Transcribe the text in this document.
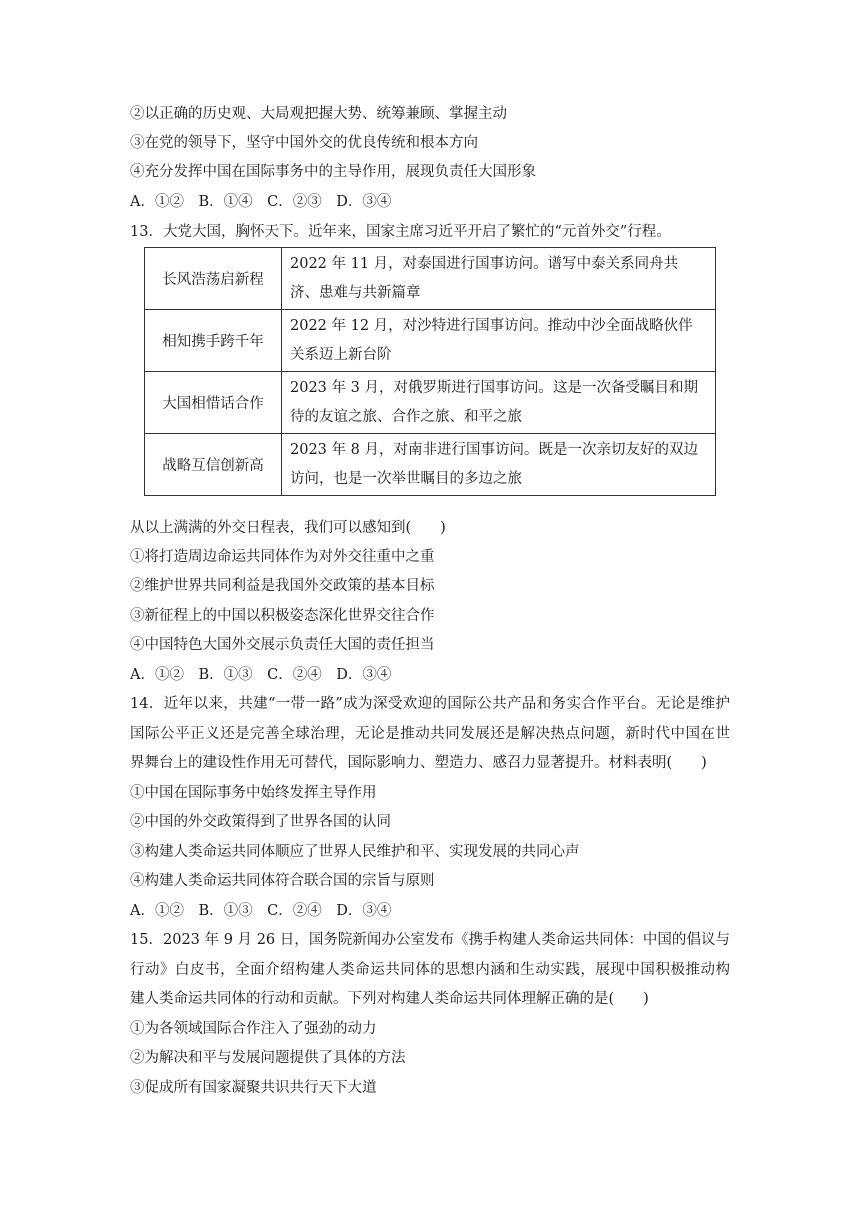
②以正确的历史观、大局观把握大势、统筹兼顾、掌握主动
③在党的领导下，坚守中国外交的优良传统和根本方向
④充分发挥中国在国际事务中的主导作用，展现负责任大国形象
A．①②　B．①④　C．②③　D．③④
13．大党大国，胸怀天下。近年来，国家主席习近平开启了繁忙的“元首外交”行程。
长风浩荡启新程	2022 年 11 月，对泰国进行国事访问。谱写中泰关系同舟共济、患难与共新篇章
相知携手跨千年	2022 年 12 月，对沙特进行国事访问。推动中沙全面战略伙伴关系迈上新台阶
大国相惜话合作	2023 年 3 月，对俄罗斯进行国事访问。这是一次备受瞩目和期待的友谊之旅、合作之旅、和平之旅
战略互信创新高	2023 年 8 月，对南非进行国事访问。既是一次亲切友好的双边访问，也是一次举世瞩目的多边之旅
从以上满满的外交日程表，我们可以感知到(　　)
①将打造周边命运共同体作为对外交往重中之重
②维护世界共同利益是我国外交政策的基本目标
③新征程上的中国以积极姿态深化世界交往合作
④中国特色大国外交展示负责任大国的责任担当
A．①②　B．①③　C．②④　D．③④
14．近年以来，共建“一带一路”成为深受欢迎的国际公共产品和务实合作平台。无论是维护
国际公平正义还是完善全球治理，无论是推动共同发展还是解决热点问题，新时代中国在世
界舞台上的建设性作用无可替代，国际影响力、塑造力、感召力显著提升。材料表明(　　)
①中国在国际事务中始终发挥主导作用
②中国的外交政策得到了世界各国的认同
③构建人类命运共同体顺应了世界人民维护和平、实现发展的共同心声
④构建人类命运共同体符合联合国的宗旨与原则
A．①②　B．①③　C．②④　D．③④
15．2023 年 9 月 26 日，国务院新闻办公室发布《携手构建人类命运共同体：中国的倡议与
行动》白皮书，全面介绍构建人类命运共同体的思想内涵和生动实践，展现中国积极推动构
建人类命运共同体的行动和贡献。下列对构建人类命运共同体理解正确的是(　　)
①为各领域国际合作注入了强劲的动力
②为解决和平与发展问题提供了具体的方法
③促成所有国家凝聚共识共行天下大道
